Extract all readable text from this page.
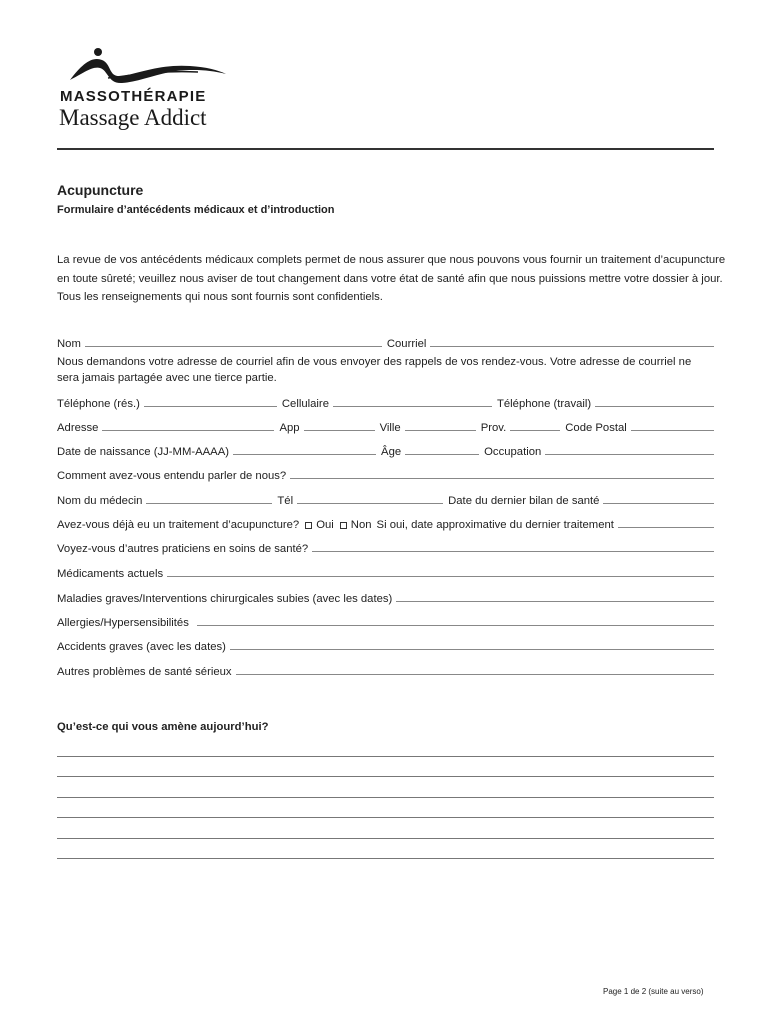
MASSOTHÉRAPIE
Massage Addict
Acupuncture
Formulaire d’antécédents médicaux et d’introduction
La revue de vos antécédents médicaux complets permet de nous assurer que nous pouvons vous fournir un traitement d’acupuncture en toute sûreté; veuillez nous aviser de tout changement dans votre état de santé afin que nous puissions mettre votre dossier à jour. Tous les renseignements qui nous sont fournis sont confidentiels.
Nom	Courriel
Nous demandons votre adresse de courriel afin de vous envoyer des rappels de vos rendez-vous. Votre adresse de courriel ne sera jamais partagée avec une tierce partie.
Téléphone (rés.)	Cellulaire	Téléphone (travail)
Adresse	App	Ville	Prov.	Code Postal
Date de naissance (JJ-MM-AAAA)	Âge	Occupation
Comment avez-vous entendu parler de nous?
Nom du médecin	Tél	Date du dernier bilan de santé
Avez-vous déjà eu un traitement d’acupuncture? Oui Non Si oui, date approximative du dernier traitement
Voyez-vous d’autres praticiens en soins de santé?
Médicaments actuels
Maladies graves/Interventions chirurgicales subies (avec les dates)
Allergies/Hypersensibilités
Accidents graves (avec les dates)
Autres problèmes de santé sérieux
Qu’est-ce qui vous amène aujourd’hui?
Page 1 de 2 (suite au verso)
